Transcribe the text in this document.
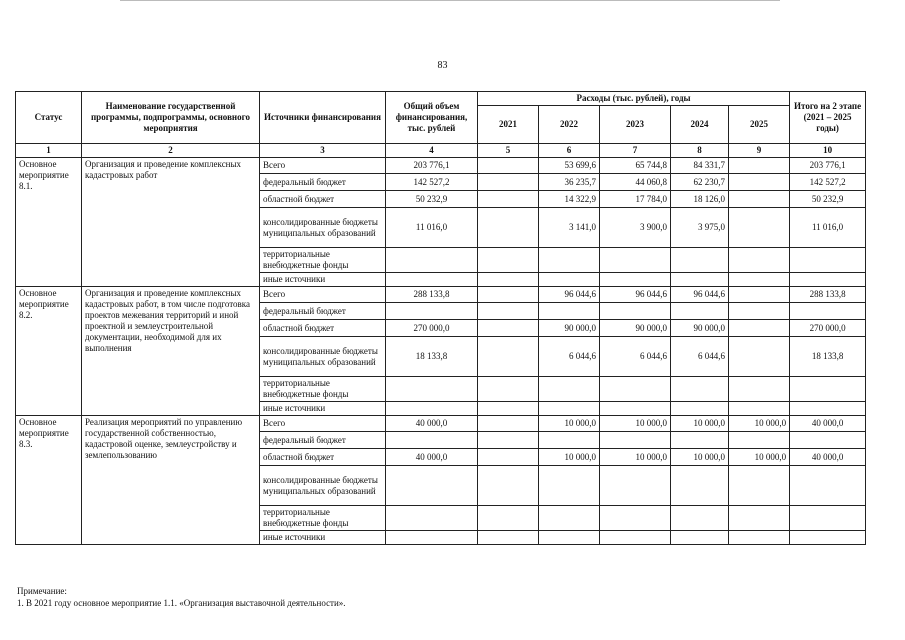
83
Статус	Наименование государственной программы, подпрограммы, основного мероприятия	Источники финансирования	Общий объем финансирования, тыс. рублей	Расходы (тыс. рублей), годы					Итого на 2 этапе (2021 – 2025 годы)
				2021	2022	2023	2024	2025	
1	2	3	4	5	6	7	8	9	10
Основное мероприятие 8.1.	Организация и проведение комплексных кадастровых работ	Всего	203 776,1		53 699,6	65 744,8	84 331,7		203 776,1
		федеральный бюджет	142 527,2		36 235,7	44 060,8	62 230,7		142 527,2
		областной бюджет	50 232,9		14 322,9	17 784,0	18 126,0		50 232,9
		консолидированные бюджеты муниципальных образований	11 016,0		3 141,0	3 900,0	3 975,0		11 016,0
		территориальные внебюджетные фонды							
		иные источники							
Основное мероприятие 8.2.	Организация и проведение комплексных кадастровых работ, в том числе подготовка проектов межевания территорий и иной проектной и землеустроительной документации, необходимой для их выполнения	Всего	288 133,8		96 044,6	96 044,6	96 044,6		288 133,8
		федеральный бюджет							
		областной бюджет	270 000,0		90 000,0	90 000,0	90 000,0		270 000,0
		консолидированные бюджеты муниципальных образований	18 133,8		6 044,6	6 044,6	6 044,6		18 133,8
		территориальные внебюджетные фонды							
		иные источники							
Основное мероприятие 8.3.	Реализация мероприятий по управлению государственной собственностью, кадастровой оценке, землеустройству и землепользованию	Всего	40 000,0		10 000,0	10 000,0	10 000,0	10 000,0	40 000,0
		федеральный бюджет							
		областной бюджет	40 000,0		10 000,0	10 000,0	10 000,0	10 000,0	40 000,0
		консолидированные бюджеты муниципальных образований							
		территориальные внебюджетные фонды							
		иные источники							
Примечание:
1. В 2021 году основное мероприятие 1.1. «Организация выставочной деятельности».
